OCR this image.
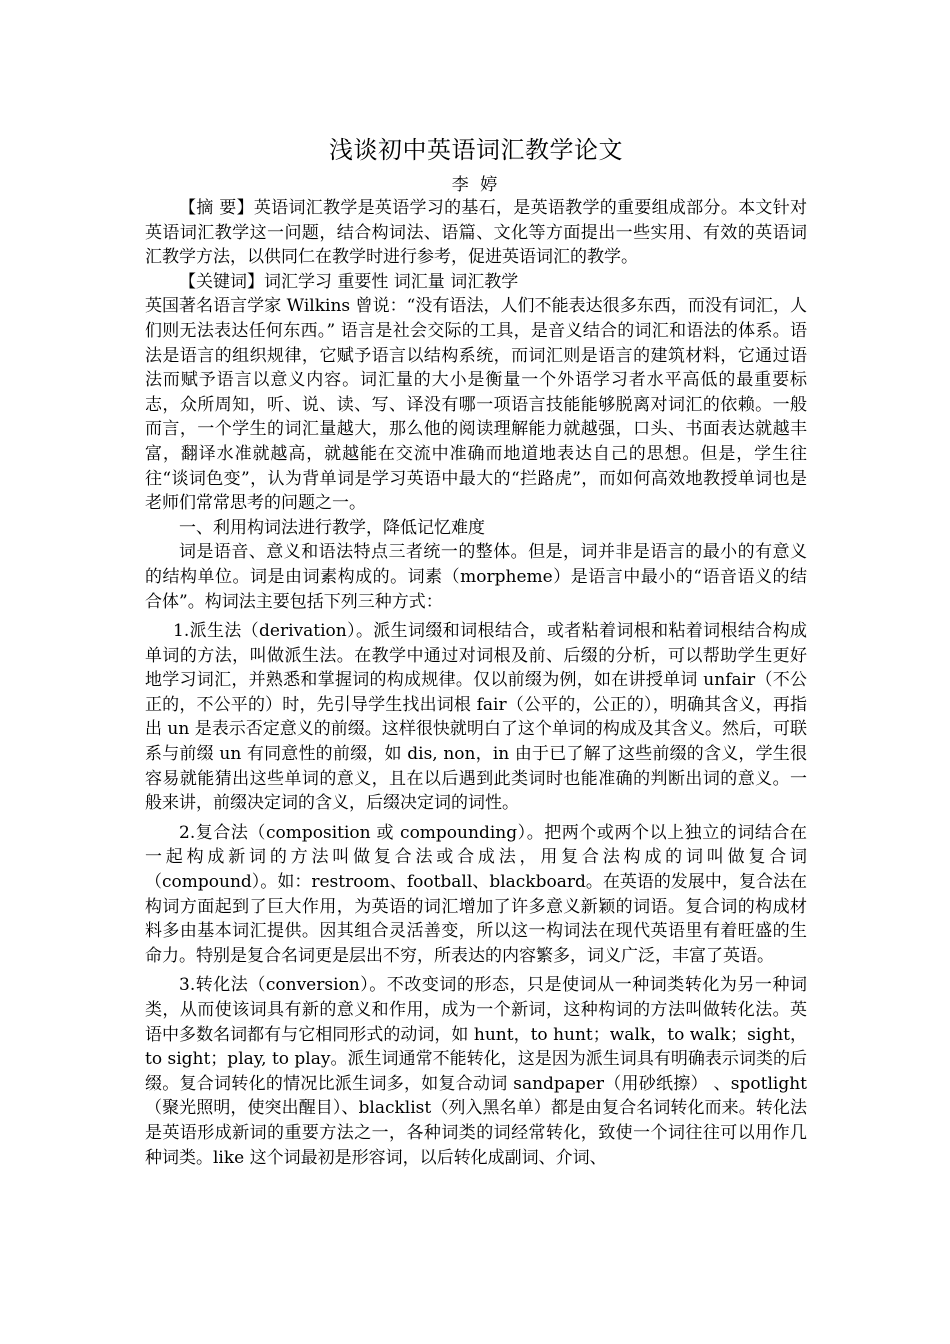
浅谈初中英语词汇教学论文
李 婷

【摘 要】英语词汇教学是英语学习的基石，是英语教学的重要组成部分。本文针对英语词汇教学这一问题，结合构词法、语篇、文化等方面提出一些实用、有效的英语词汇教学方法，以供同仁在教学时进行参考，促进英语词汇的教学。

【关键词】词汇学习 重要性 词汇量 词汇教学

英国著名语言学家 Wilkins 曾说：“没有语法，人们不能表达很多东西，而没有词汇，人们则无法表达任何东西。” 语言是社会交际的工具，是音义结合的词汇和语法的体系。语法是语言的组织规律，它赋予语言以结构系统，而词汇则是语言的建筑材料，它通过语法而赋予语言以意义内容。词汇量的大小是衡量一个外语学习者水平高低的最重要标志，众所周知，听、说、读、写、译没有哪一项语言技能能够脱离对词汇的依赖。一般而言，一个学生的词汇量越大，那么他的阅读理解能力就越强，口头、书面表达就越丰富，翻译水准就越高，就越能在交流中准确而地道地表达自己的思想。但是，学生往往“谈词色变”，认为背单词是学习英语中最大的“拦路虎”，而如何高效地教授单词也是老师们常常思考的问题之一。

一、利用构词法进行教学，降低记忆难度

词是语音、意义和语法特点三者统一的整体。但是，词并非是语言的最小的有意义的结构单位。词是由词素构成的。词素（morpheme）是语言中最小的“语音语义的结合体”。构词法主要包括下列三种方式：

1.派生法（derivation）。派生词缀和词根结合，或者粘着词根和粘着词根结合构成单词的方法，叫做派生法。在教学中通过对词根及前、后缀的分析，可以帮助学生更好地学习词汇，并熟悉和掌握词的构成规律。仅以前缀为例，如在讲授单词 unfair（不公正的，不公平的）时，先引导学生找出词根 fair（公平的，公正的），明确其含义，再指出 un 是表示否定意义的前缀。这样很快就明白了这个单词的构成及其含义。然后，可联系与前缀 un 有同意性的前缀，如 dis, non，in 由于已了解了这些前缀的含义，学生很容易就能猜出这些单词的意义，且在以后遇到此类词时也能准确的判断出词的意义。一般来讲，前缀决定词的含义，后缀决定词的词性。

2.复合法（composition 或 compounding）。把两个或两个以上独立的词结合在一起构成新词的方法叫做复合法或合成法，用复合法构成的词叫做复合词（compound）。如：restroom、football、blackboard。在英语的发展中，复合法在构词方面起到了巨大作用，为英语的词汇增加了许多意义新颖的词语。复合词的构成材料多由基本词汇提供。因其组合灵活善变，所以这一构词法在现代英语里有着旺盛的生命力。特别是复合名词更是层出不穷，所表达的内容繁多，词义广泛，丰富了英语。

3.转化法（conversion）。不改变词的形态，只是使词从一种词类转化为另一种词类，从而使该词具有新的意义和作用，成为一个新词，这种构词的方法叫做转化法。英语中多数名词都有与它相同形式的动词，如 hunt，to hunt；walk，to walk；sight，to sight；play, to play。派生词通常不能转化，这是因为派生词具有明确表示词类的后缀。复合词转化的情况比派生词多，如复合动词 sandpaper（用砂纸擦） 、spotlight（聚光照明，使突出醒目）、blacklist（列入黑名单）都是由复合名词转化而来。转化法是英语形成新词的重要方法之一，各种词类的词经常转化，致使一个词往往可以用作几种词类。like 这个词最初是形容词，以后转化成副词、介词、
